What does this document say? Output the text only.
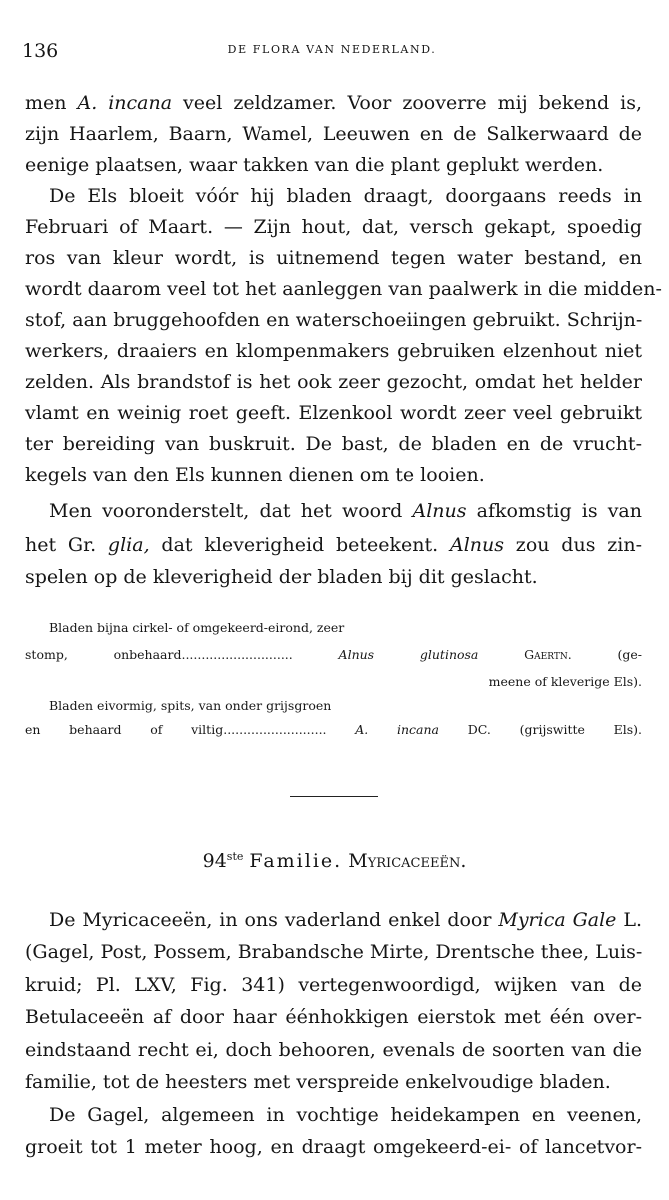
136	DE FLORA VAN NEDERLAND.
men A. incana veel zeldzamer. Voor zooverre mij bekend is,
zijn Haarlem, Baarn, Wamel, Leeuwen en de Salkerwaard de
eenige plaatsen, waar takken van die plant geplukt werden.
De Els bloeit vóór hij bladen draagt, doorgaans reeds in
Februari of Maart. — Zijn hout, dat, versch gekapt, spoedig
ros van kleur wordt, is uitnemend tegen water bestand, en
wordt daarom veel tot het aanleggen van paalwerk in die midden-
stof, aan bruggehoofden en waterschoeiingen gebruikt. Schrijn-
werkers, draaiers en klompenmakers gebruiken elzenhout niet
zelden. Als brandstof is het ook zeer gezocht, omdat het helder
vlamt en weinig roet geeft. Elzenkool wordt zeer veel gebruikt
ter bereiding van buskruit. De bast, de bladen en de vrucht-
kegels van den Els kunnen dienen om te looien.
Men vooronderstelt, dat het woord Alnus afkomstig is van
het Gr. glia, dat kleverigheid beteekent. Alnus zou dus zin-
spelen op de kleverigheid der bladen bij dit geslacht.
Bladen bijna cirkel- of omgekeerd-eirond, zeer
stomp, onbehaard............................	Alnus glutinosa Gaertn. (ge-
meene of kleverige Els).
Bladen eivormig, spits, van onder grijsgroen
en behaard of viltig.......................... A. incana DC. (grijswitte Els).
94ste Familie. Myricaceeën.
De Myricaceeën, in ons vaderland enkel door Myrica Gale L.
(Gagel, Post, Possem, Brabandsche Mirte, Drentsche thee, Luis-
kruid; Pl. LXV, Fig. 341) vertegenwoordigd, wijken van de
Betulaceeën af door haar éénhokkigen eierstok met één over-
eindstaand recht ei, doch behooren, evenals de soorten van die
familie, tot de heesters met verspreide enkelvoudige bladen.
De Gagel, algemeen in vochtige heidekampen en veenen,
groeit tot 1 meter hoog, en draagt omgekeerd-ei- of lancetvor-
